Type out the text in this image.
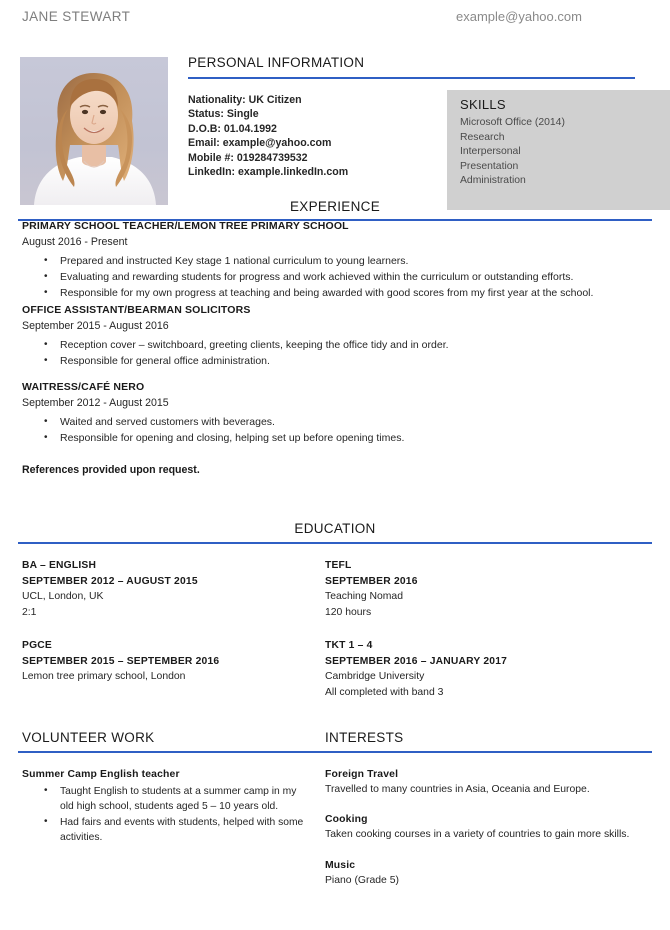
JANE STEWART	example@yahoo.com
PERSONAL INFORMATION
Nationality: UK Citizen
Status: Single
D.O.B: 01.04.1992
Email: example@yahoo.com
Mobile #: 019284739532
LinkedIn: example.linkedIn.com
SKILLS
Microsoft Office (2014)
Research
Interpersonal
Presentation
Administration
EXPERIENCE
PRIMARY SCHOOL TEACHER/LEMON TREE PRIMARY SCHOOL
August 2016 - Present
• Prepared and instructed Key stage 1 national curriculum to young learners.
• Evaluating and rewarding students for progress and work achieved within the curriculum or outstanding efforts.
• Responsible for my own progress at teaching and being awarded with good scores from my first year at the school.
OFFICE ASSISTANT/BEARMAN SOLICITORS
September 2015 - August 2016
• Reception cover – switchboard, greeting clients, keeping the office tidy and in order.
• Responsible for general office administration.
WAITRESS/CAFÉ NERO
September 2012 - August 2015
• Waited and served customers with beverages.
• Responsible for opening and closing, helping set up before opening times.
References provided upon request.
EDUCATION
BA – ENGLISH
SEPTEMBER 2012 – AUGUST 2015
UCL, London, UK
2:1
PGCE
SEPTEMBER 2015 – SEPTEMBER 2016
Lemon tree primary school, London
TEFL
SEPTEMBER 2016
Teaching Nomad
120 hours
TKT 1 – 4
SEPTEMBER 2016 – JANUARY 2017
Cambridge University
All completed with band 3
VOLUNTEER WORK	INTERESTS
Summer Camp English teacher
• Taught English to students at a summer camp in my old high school, students aged 5 – 10 years old.
• Had fairs and events with students, helped with some activities.
Foreign Travel
Travelled to many countries in Asia, Oceania and Europe.
Cooking
Taken cooking courses in a variety of countries to gain more skills.
Music
Piano (Grade 5)
